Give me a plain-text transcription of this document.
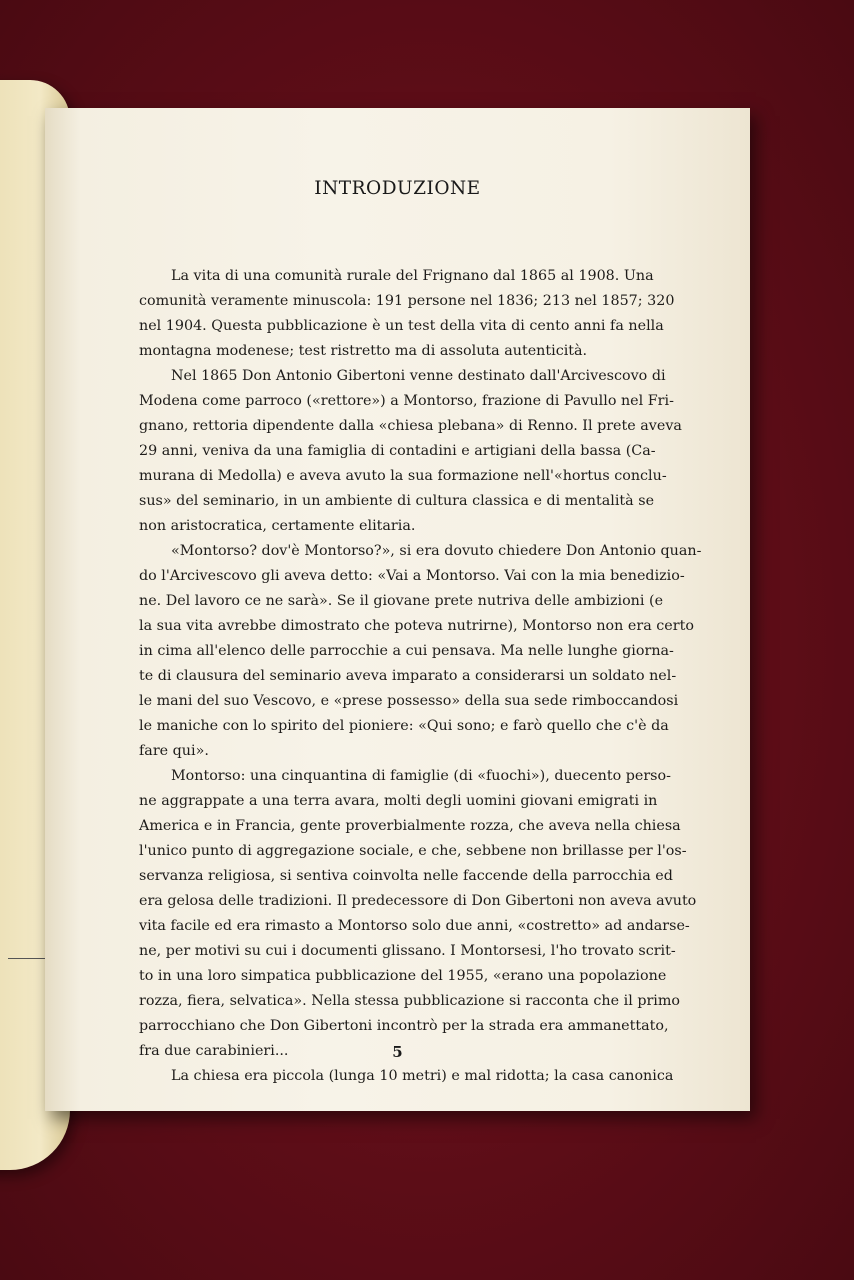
INTRODUZIONE
La vita di una comunità rurale del Frignano dal 1865 al 1908. Una
comunità veramente minuscola: 191 persone nel 1836; 213 nel 1857; 320
nel 1904. Questa pubblicazione è un test della vita di cento anni fa nella
montagna modenese; test ristretto ma di assoluta autenticità.
Nel 1865 Don Antonio Gibertoni venne destinato dall'Arcivescovo di
Modena come parroco («rettore») a Montorso, frazione di Pavullo nel Fri-
gnano, rettoria dipendente dalla «chiesa plebana» di Renno. Il prete aveva
29 anni, veniva da una famiglia di contadini e artigiani della bassa (Ca-
murana di Medolla) e aveva avuto la sua formazione nell'«hortus conclu-
sus» del seminario, in un ambiente di cultura classica e di mentalità se
non aristocratica, certamente elitaria.
«Montorso? dov'è Montorso?», si era dovuto chiedere Don Antonio quan-
do l'Arcivescovo gli aveva detto: «Vai a Montorso. Vai con la mia benedizio-
ne. Del lavoro ce ne sarà». Se il giovane prete nutriva delle ambizioni (e
la sua vita avrebbe dimostrato che poteva nutrirne), Montorso non era certo
in cima all'elenco delle parrocchie a cui pensava. Ma nelle lunghe giorna-
te di clausura del seminario aveva imparato a considerarsi un soldato nel-
le mani del suo Vescovo, e «prese possesso» della sua sede rimboccandosi
le maniche con lo spirito del pioniere: «Qui sono; e farò quello che c'è da
fare qui».
Montorso: una cinquantina di famiglie (di «fuochi»), duecento perso-
ne aggrappate a una terra avara, molti degli uomini giovani emigrati in
America e in Francia, gente proverbialmente rozza, che aveva nella chiesa
l'unico punto di aggregazione sociale, e che, sebbene non brillasse per l'os-
servanza religiosa, si sentiva coinvolta nelle faccende della parrocchia ed
era gelosa delle tradizioni. Il predecessore di Don Gibertoni non aveva avuto
vita facile ed era rimasto a Montorso solo due anni, «costretto» ad andarse-
ne, per motivi su cui i documenti glissano. I Montorsesi, l'ho trovato scrit-
to in una loro simpatica pubblicazione del 1955, «erano una popolazione
rozza, fiera, selvatica». Nella stessa pubblicazione si racconta che il primo
parrocchiano che Don Gibertoni incontrò per la strada era ammanettato,
fra due carabinieri...
La chiesa era piccola (lunga 10 metri) e mal ridotta; la casa canonica
5
